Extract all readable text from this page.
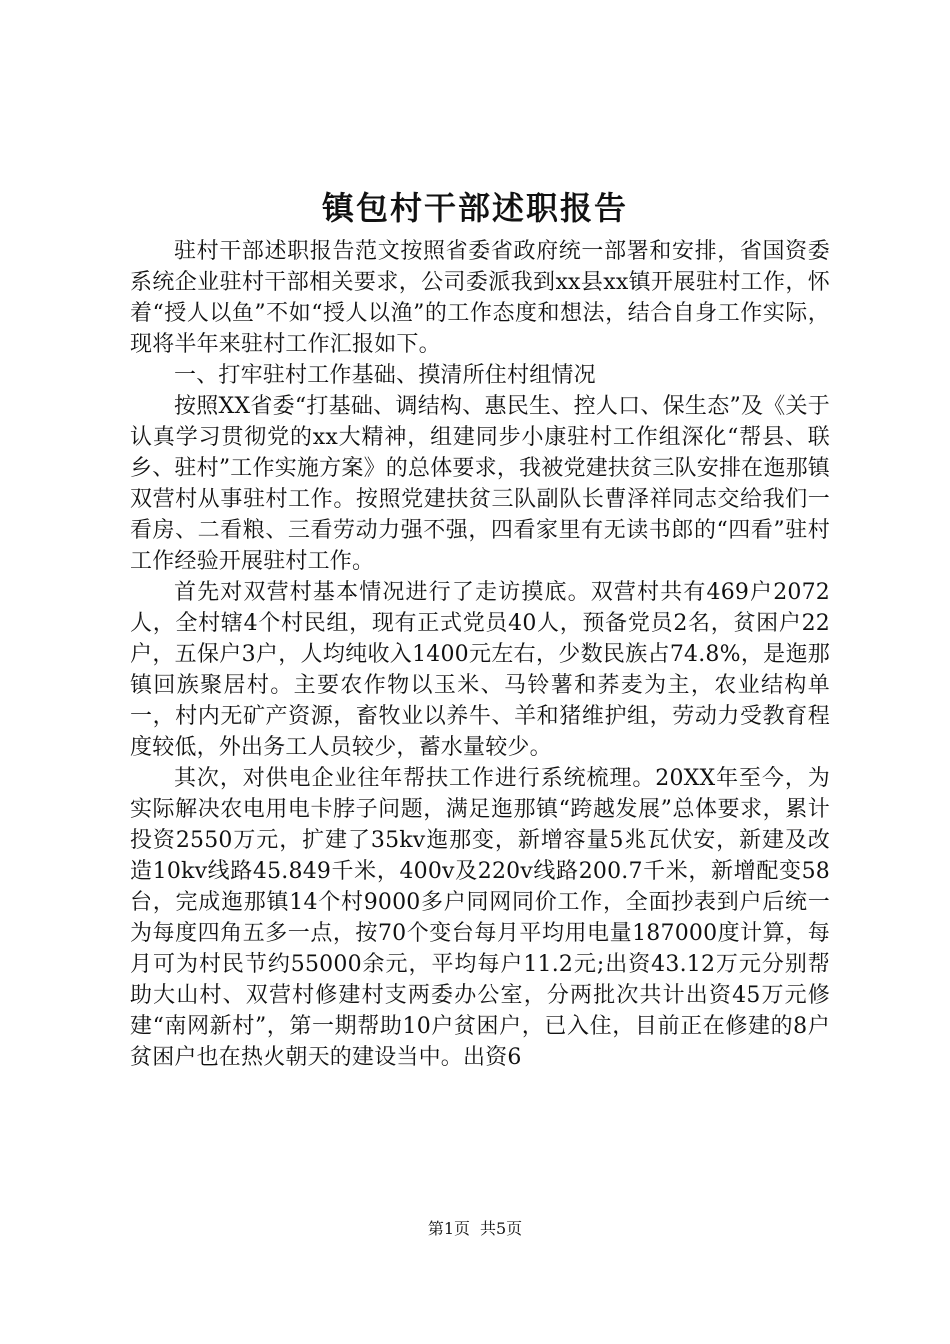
镇包村干部述职报告

驻村干部述职报告范文按照省委省政府统一部署和安排，省国资委系统企业驻村干部相关要求，公司委派我到xx县xx镇开展驻村工作，怀着“授人以鱼”不如“授人以渔”的工作态度和想法，结合自身工作实际，现将半年来驻村工作汇报如下。

一、打牢驻村工作基础、摸清所住村组情况

按照XX省委“打基础、调结构、惠民生、控人口、保生态”及《关于认真学习贯彻党的xx大精神，组建同步小康驻村工作组深化“帮县、联乡、驻村”工作实施方案》的总体要求，我被党建扶贫三队安排在迤那镇双营村从事驻村工作。按照党建扶贫三队副队长曹泽祥同志交给我们一看房、二看粮、三看劳动力强不强，四看家里有无读书郎的“四看”驻村工作经验开展驻村工作。

首先对双营村基本情况进行了走访摸底。双营村共有469户2072人，全村辖4个村民组，现有正式党员40人，预备党员2名，贫困户22户，五保户3户，人均纯收入1400元左右，少数民族占74.8%，是迤那镇回族聚居村。主要农作物以玉米、马铃薯和荞麦为主，农业结构单一，村内无矿产资源，畜牧业以养牛、羊和猪维护组，劳动力受教育程度较低，外出务工人员较少，蓄水量较少。

其次，对供电企业往年帮扶工作进行系统梳理。20XX年至今，为实际解决农电用电卡脖子问题，满足迤那镇“跨越发展”总体要求，累计投资2550万元，扩建了35kv迤那变，新增容量5兆瓦伏安，新建及改造10kv线路45.849千米，400v及220v线路200.7千米，新增配变58台，完成迤那镇14个村9000多户同网同价工作，全面抄表到户后统一为每度四角五多一点，按70个变台每月平均用电量187000度计算，每月可为村民节约55000余元，平均每户11.2元;出资43.12万元分别帮助大山村、双营村修建村支两委办公室，分两批次共计出资45万元修建“南网新村”，第一期帮助10户贫困户，已入住，目前正在修建的8户贫困户也在热火朝天的建设当中。出资6

第1页 共5页
